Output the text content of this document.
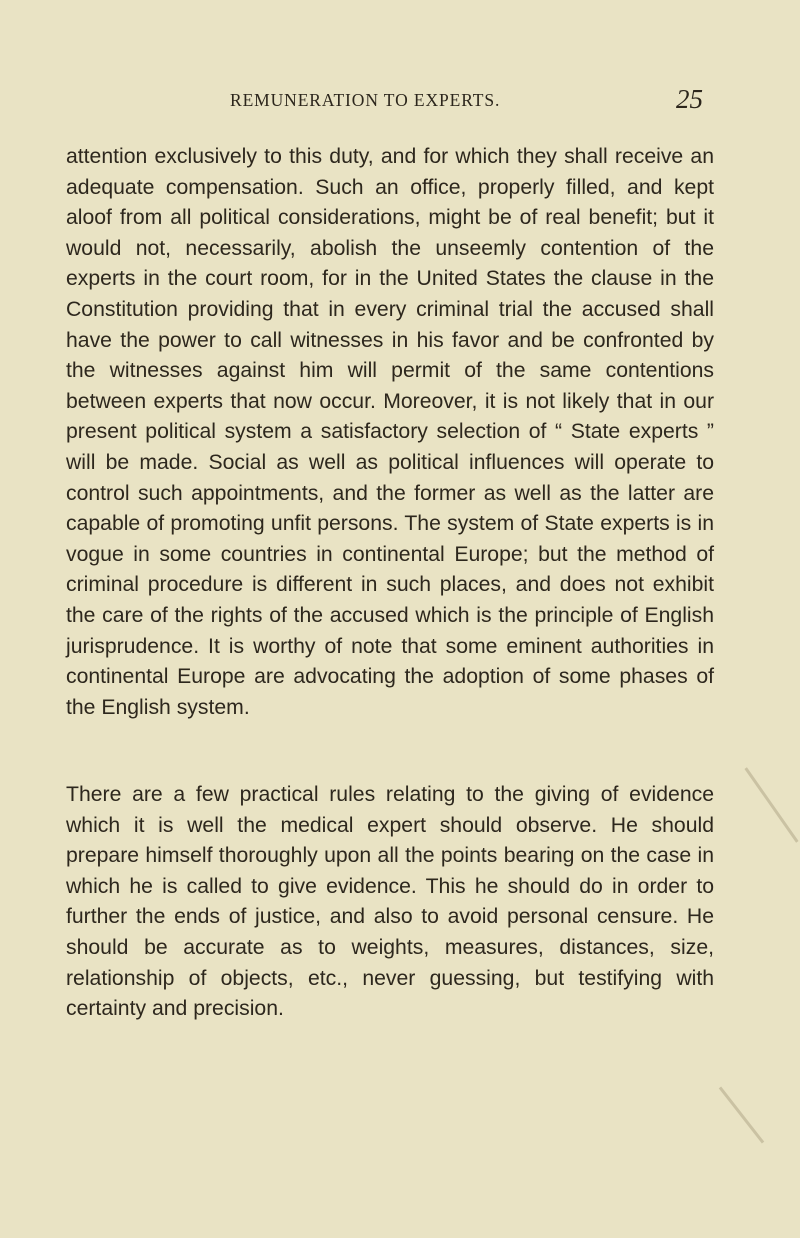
REMUNERATION TO EXPERTS.	25

attention exclusively to this duty, and for which they shall receive an adequate compensation. Such an office, properly filled, and kept aloof from all political considerations, might be of real benefit; but it would not, necessarily, abolish the unseemly contention of the experts in the court room, for in the United States the clause in the Constitution providing that in every criminal trial the accused shall have the power to call witnesses in his favor and be confronted by the witnesses against him will permit of the same contentions between experts that now occur. Moreover, it is not likely that in our present political system a satisfactory selection of “ State experts ” will be made. Social as well as political influences will operate to control such appointments, and the former as well as the latter are capable of promoting unfit persons. The system of State experts is in vogue in some countries in continental Europe; but the method of criminal procedure is different in such places, and does not exhibit the care of the rights of the accused which is the principle of English jurisprudence. It is worthy of note that some eminent authorities in continental Europe are advocating the adoption of some phases of the English system.

There are a few practical rules relating to the giving of evidence which it is well the medical expert should observe. He should prepare himself thoroughly upon all the points bearing on the case in which he is called to give evidence. This he should do in order to further the ends of justice, and also to avoid personal censure. He should be accurate as to weights, measures, distances, size, relationship of objects, etc., never guessing, but testifying with certainty and precision.
